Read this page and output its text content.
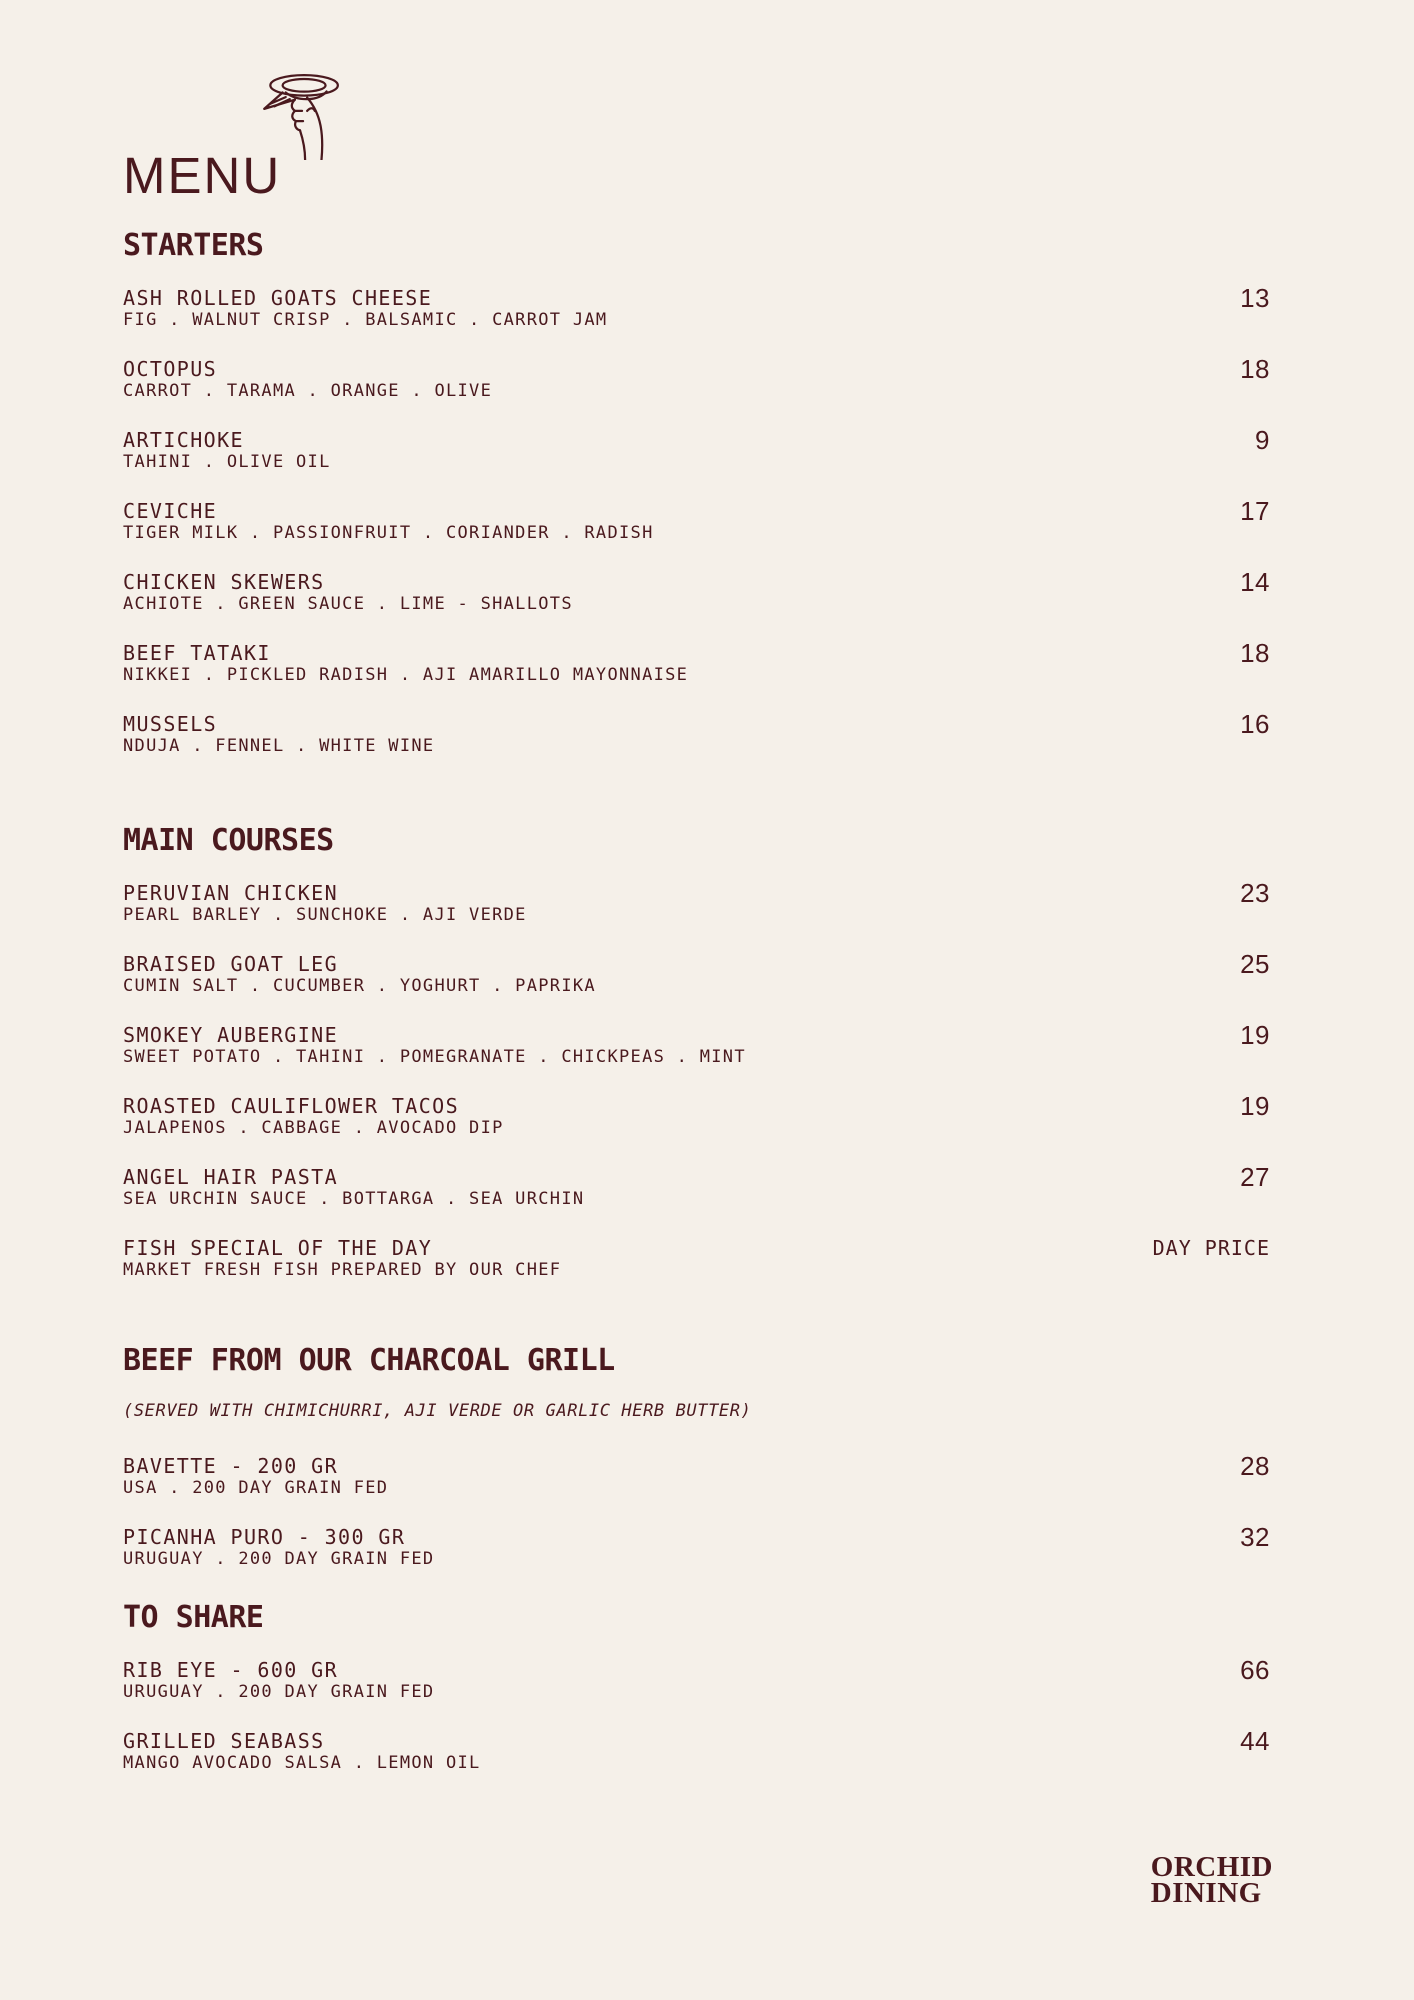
MENU
STARTERS
ASH ROLLED GOATS CHEESE
FIG . WALNUT CRISP . BALSAMIC . CARROT JAM
13
OCTOPUS
CARROT . TARAMA . ORANGE . OLIVE
18
ARTICHOKE
TAHINI . OLIVE OIL
9
CEVICHE
TIGER MILK . PASSIONFRUIT . CORIANDER . RADISH
17
CHICKEN SKEWERS
ACHIOTE . GREEN SAUCE . LIME - SHALLOTS
14
BEEF TATAKI
NIKKEI . PICKLED RADISH . AJI AMARILLO MAYONNAISE
18
MUSSELS
NDUJA . FENNEL . WHITE WINE
16
MAIN COURSES
PERUVIAN CHICKEN
PEARL BARLEY . SUNCHOKE . AJI VERDE
23
BRAISED GOAT LEG
CUMIN SALT . CUCUMBER . YOGHURT . PAPRIKA
25
SMOKEY AUBERGINE
SWEET POTATO . TAHINI . POMEGRANATE . CHICKPEAS . MINT
19
ROASTED CAULIFLOWER TACOS
JALAPENOS . CABBAGE . AVOCADO DIP
19
ANGEL HAIR PASTA
SEA URCHIN SAUCE . BOTTARGA . SEA URCHIN
27
FISH SPECIAL OF THE DAY
MARKET FRESH FISH PREPARED BY OUR CHEF
DAY PRICE
BEEF FROM OUR CHARCOAL GRILL

(SERVED WITH CHIMICHURRI, AJI VERDE OR GARLIC HERB BUTTER)

BAVETTE - 200 GR
USA . 200 DAY GRAIN FED
28
PICANHA PURO - 300 GR
URUGUAY . 200 DAY GRAIN FED
32
TO SHARE
RIB EYE - 600 GR
URUGUAY . 200 DAY GRAIN FED
66
GRILLED SEABASS
MANGO AVOCADO SALSA . LEMON OIL
44
ORCHID
DINING
